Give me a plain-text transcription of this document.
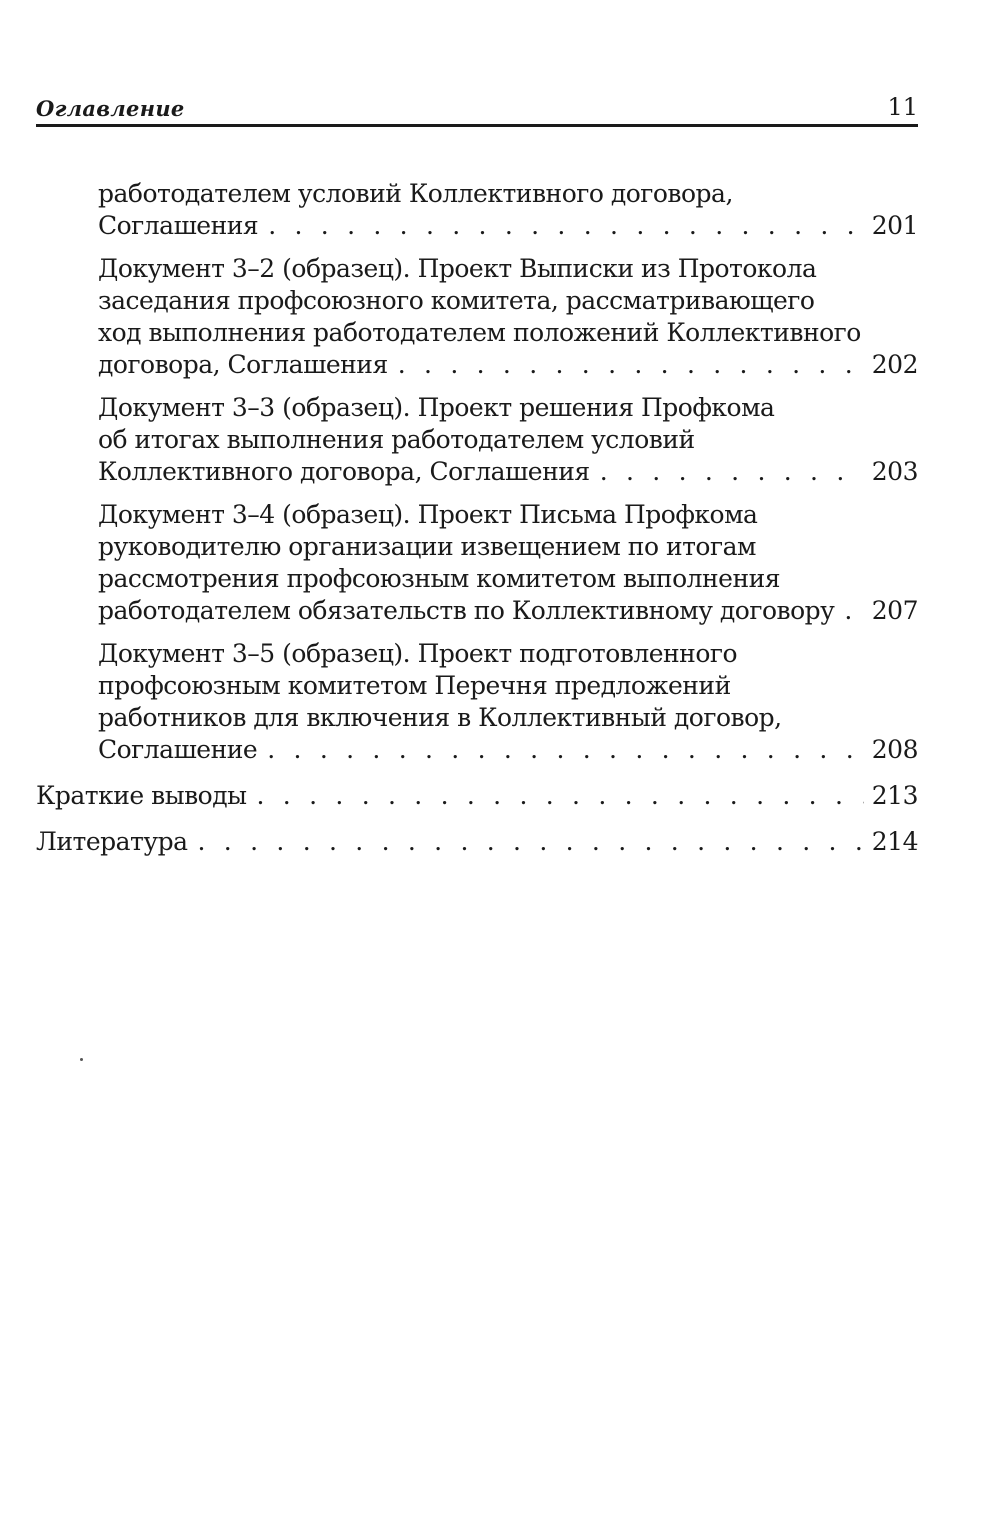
Оглавление	11
работодателем условий Коллективного договора,
Соглашения . . .	201
Документ 3–2 (образец). Проект Выписки из Протокола
заседания профсоюзного комитета, рассматривающего
ход выполнения работодателем положений Коллективного
договора, Соглашения . . .	202
Документ 3–3 (образец). Проект решения Профкома
об итогах выполнения работодателем условий
Коллективного договора, Соглашения . . .	203
Документ 3–4 (образец). Проект Письма Профкома
руководителю организации извещением по итогам
рассмотрения профсоюзным комитетом выполнения
работодателем обязательств по Коллективному договору . . . 207
Документ 3–5 (образец). Проект подготовленного
профсоюзным комитетом Перечня предложений
работников для включения в Коллективный договор,
Соглашение . . .	208
Краткие выводы . . .	213
Литература . . .	214
